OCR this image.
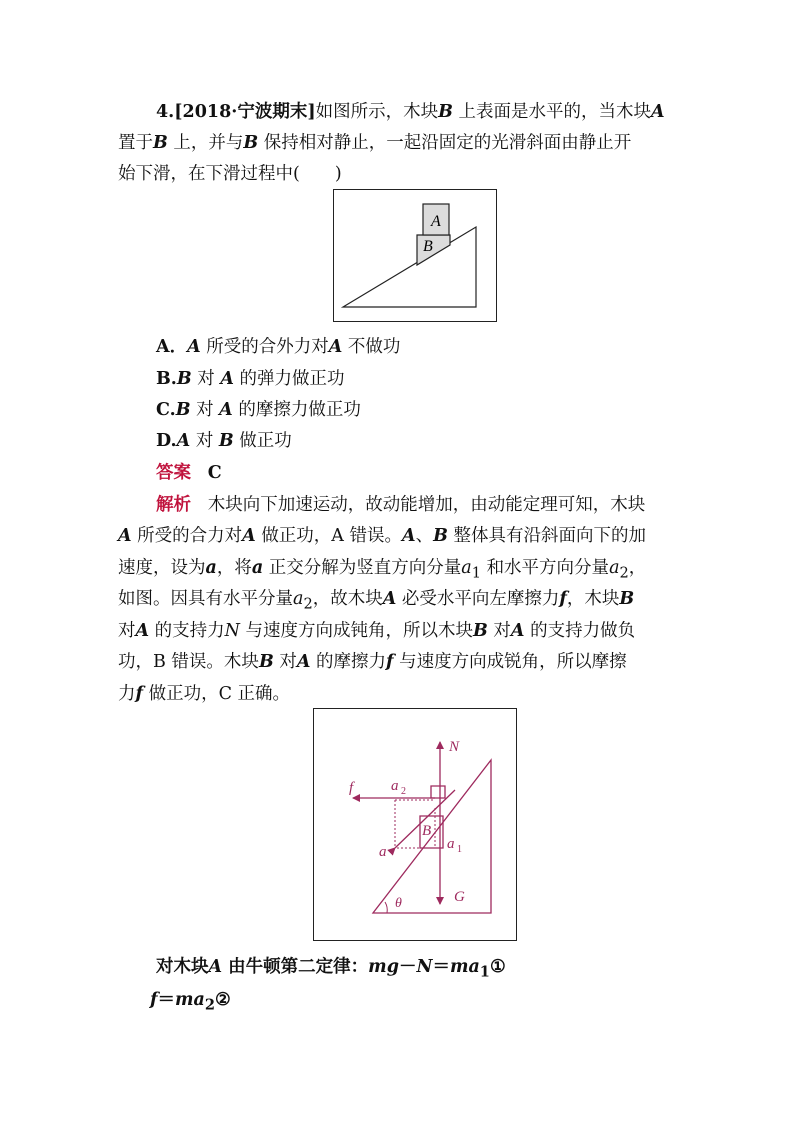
4.[2018·宁波期末]如图所示，木块B 上表面是水平的，当木块A
置于B 上，并与B 保持相对静止，一起沿固定的光滑斜面由静止开
始下滑，在下滑过程中(　　)
A
B
A．A 所受的合外力对A 不做功
B.B 对 A 的弹力做正功
C.B 对 A 的摩擦力做正功
D.A 对 B 做正功
答案 C
解析 木块向下加速运动，故动能增加，由动能定理可知，木块
A 所受的合力对A 做正功，A 错误。A、B 整体具有沿斜面向下的加
速度，设为a，将a 正交分解为竖直方向分量$a_1$ 和水平方向分量$a_2$，
如图。因具有水平分量$a_2$，故木块A 必受水平向左摩擦力f，木块B
对A 的支持力N 与速度方向成钝角，所以木块B 对A 的支持力做负
功，B 错误。木块B 对A 的摩擦力f 与速度方向成锐角，所以摩擦
力f 做正功，C 正确。
N
f	a 2
B
a	a 1
G
θ
对木块A 由牛顿第二定律：$mg-N=ma_1①$
$f=ma_2②$
